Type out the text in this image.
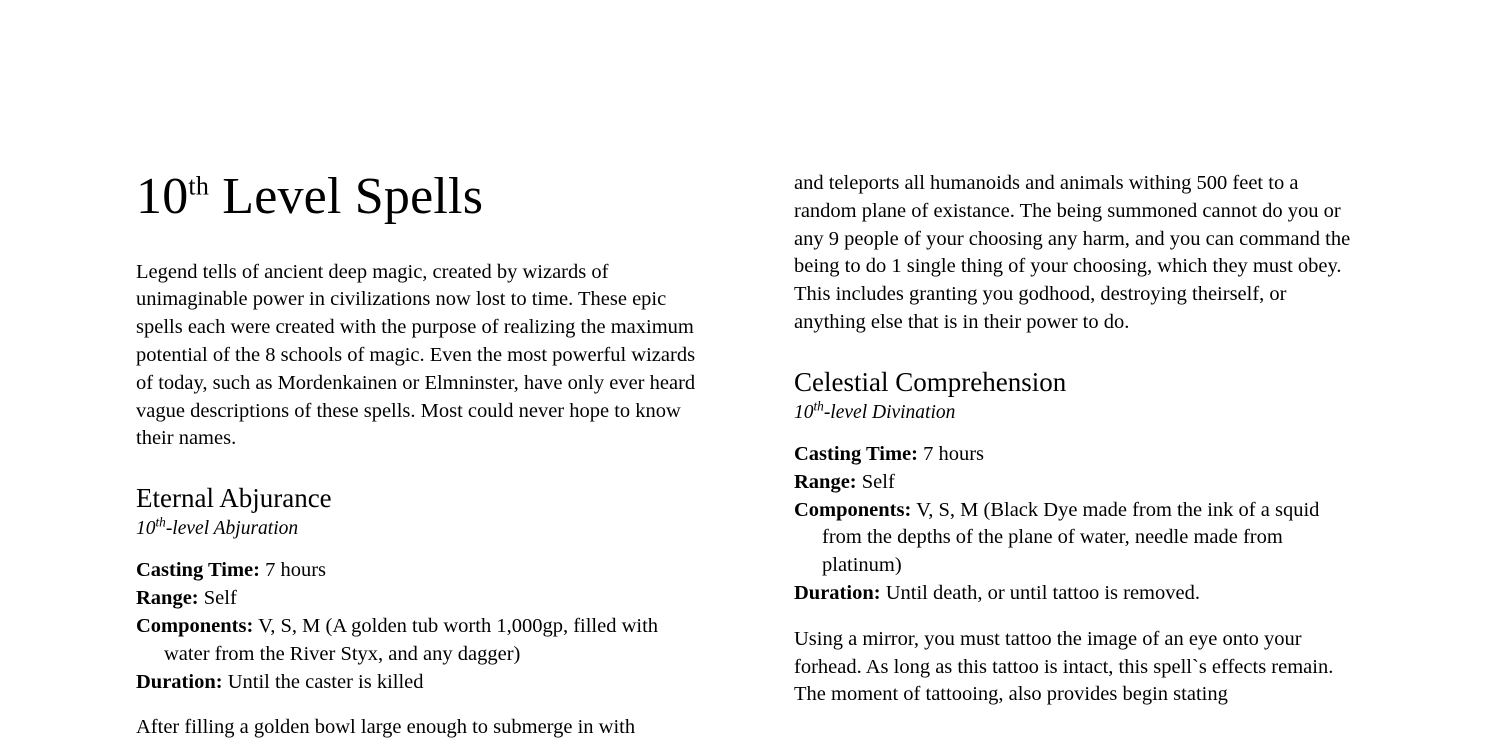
10th Level Spells

Legend tells of ancient deep magic, created by wizards of unimaginable power in civilizations now lost to time. These epic spells each were created with the purpose of realizing the maximum potential of the 8 schools of magic. Even the most powerful wizards of today, such as Mordenkainen or Elmninster, have only ever heard vague descriptions of these spells. Most could never hope to know their names.

Eternal Abjurance
10th-level Abjuration

Casting Time: 7 hours

Range: Self

Components: V, S, M (A golden tub worth 1,000gp, filled with water from the River Styx, and any dagger)

Duration: Until the caster is killed

After filling a golden bowl large enough to submerge in with

and teleports all humanoids and animals withing 500 feet to a random plane of existance. The being summoned cannot do you or any 9 people of your choosing any harm, and you can command the being to do 1 single thing of your choosing, which they must obey. This includes granting you godhood, destroying theirself, or anything else that is in their power to do.

Celestial Comprehension
10th-level Divination

Casting Time: 7 hours

Range: Self

Components: V, S, M (Black Dye made from the ink of a squid from the depths of the plane of water, needle made from platinum)

Duration: Until death, or until tattoo is removed.

Using a mirror, you must tattoo the image of an eye onto your forhead. As long as this tattoo is intact, this spell`s effects remain. The moment of tattooing, also provides begin stating
